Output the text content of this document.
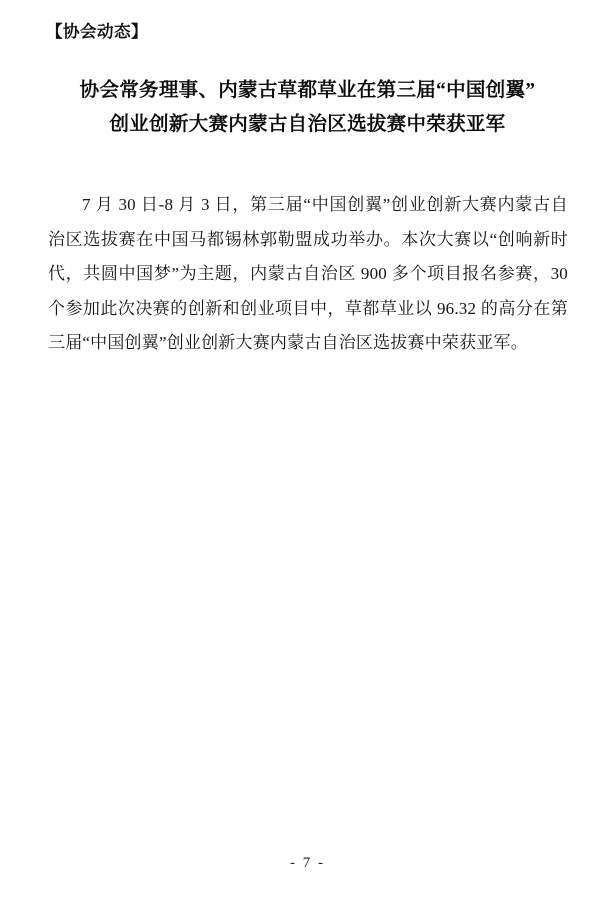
【协会动态】
协会常务理事、内蒙古草都草业在第三届“中国创翼”
创业创新大赛内蒙古自治区选拔赛中荣获亚军

7 月 30 日-8 月 3 日，第三届“中国创翼”创业创新大赛内蒙古自治区选拔赛在中国马都锡林郭勒盟成功举办。本次大赛以“创响新时代，共圆中国梦”为主题，内蒙古自治区 900 多个项目报名参赛，30 个参加此次决赛的创新和创业项目中，草都草业以 96.32 的高分在第三届“中国创翼”创业创新大赛内蒙古自治区选拔赛中荣获亚军。

- 7 -
